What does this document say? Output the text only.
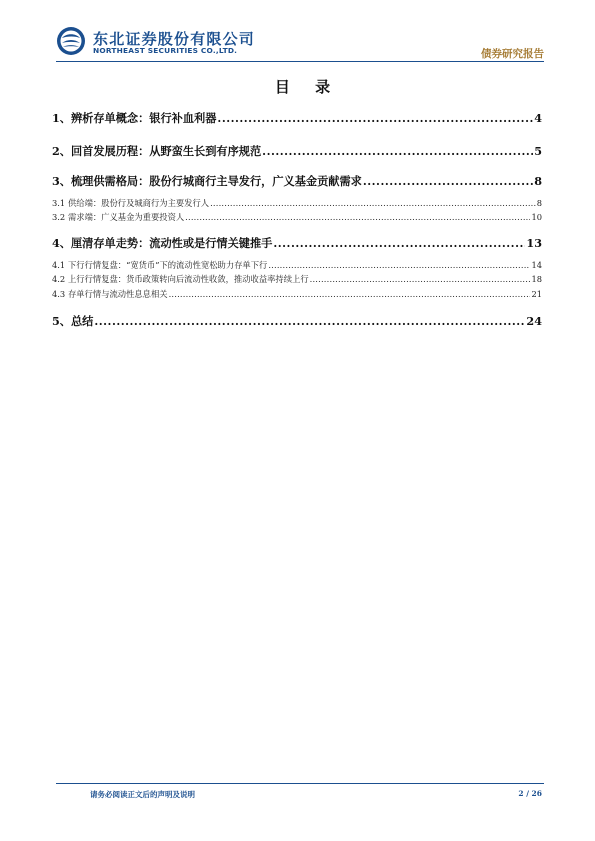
东北证券股份有限公司
NORTHEAST SECURITIES CO.,LTD.	债券研究报告
目 录
1、辨析存单概念：银行补血利器 .....	4
2、回首发展历程：从野蛮生长到有序规范 .....	5
3、梳理供需格局：股份行城商行主导发行，广义基金贡献需求 .....	8
3.1 供给端：股份行及城商行为主要发行人 .....	8
3.2 需求端：广义基金为重要投资人 .....	10
4、厘清存单走势：流动性或是行情关键推手 .....	13
4.1 下行行情复盘：“宽货币”下的流动性宽松助力存单下行 .....	14
4.2 上行行情复盘：货币政策转向后流动性收敛，推动收益率持续上行 .....	18
4.3 存单行情与流动性息息相关 .....	21
5、总结 .....	24
请务必阅读正文后的声明及说明	2 / 26
